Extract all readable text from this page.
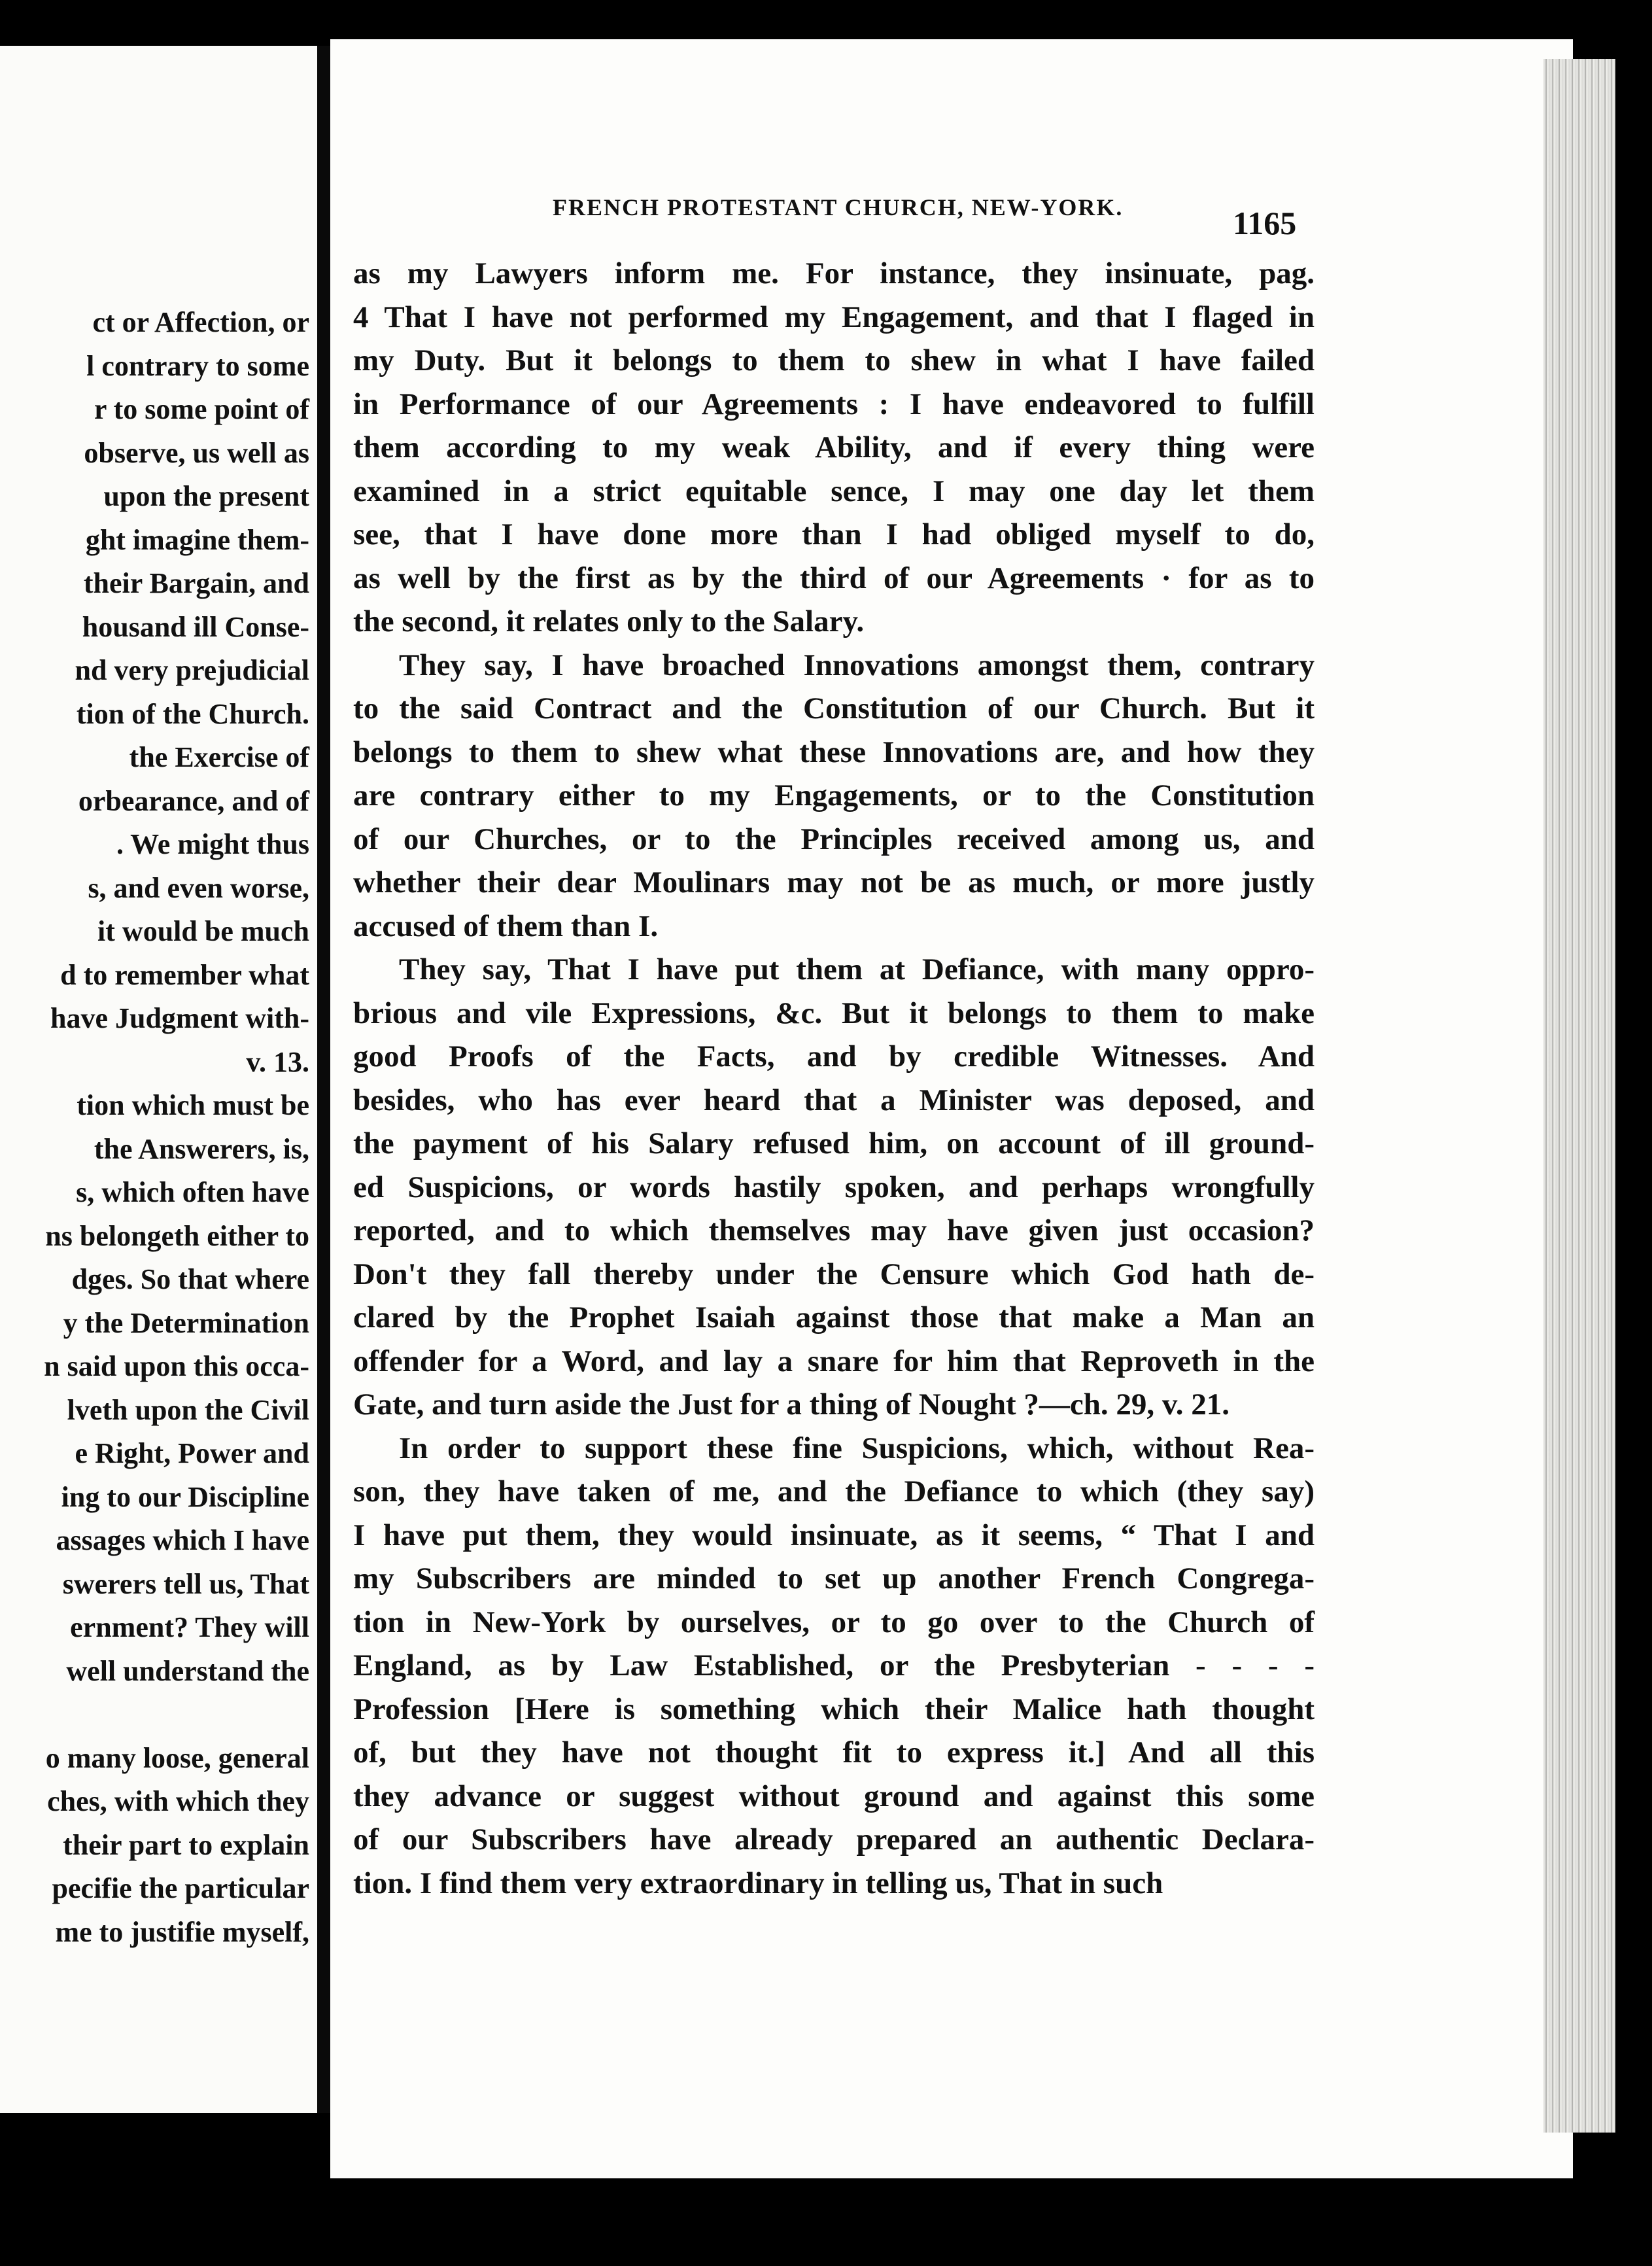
ct or Affection, or
l contrary to some
r to some point of
observe, us well as
upon the present
ght imagine them-
their Bargain, and
housand ill Conse-
nd very prejudicial
tion of the Church.
the Exercise of
orbearance, and of
. We might thus
s, and even worse,
it would be much
d to remember what
have Judgment with-
v. 13.
tion which must be
the Answerers, is,
s, which often have
ns belongeth either to
dges. So that where
y the Determination
n said upon this occa-
lveth upon the Civil
e Right, Power and
ing to our Discipline
assages which I have
swerers tell us, That
ernment? They will
well understand the

o many loose, general
ches, with which they
their part to explain
pecifie the particular
me to justifie myself,
FRENCH PROTESTANT CHURCH, NEW-YORK.	1165
as my Lawyers inform me. For instance, they insinuate, pag.
4 That I have not performed my Engagement, and that I flaged in
my Duty. But it belongs to them to shew in what I have failed
in Performance of our Agreements : I have endeavored to fulfill
them according to my weak Ability, and if every thing were
examined in a strict equitable sence, I may one day let them
see, that I have done more than I had obliged myself to do,
as well by the first as by the third of our Agreements · for as to
the second, it relates only to the Salary.
They say, I have broached Innovations amongst them, contrary
to the said Contract and the Constitution of our Church. But it
belongs to them to shew what these Innovations are, and how they
are contrary either to my Engagements, or to the Constitution
of our Churches, or to the Principles received among us, and
whether their dear Moulinars may not be as much, or more justly
accused of them than I.
They say, That I have put them at Defiance, with many oppro-
brious and vile Expressions, &c. But it belongs to them to make
good Proofs of the Facts, and by credible Witnesses. And
besides, who has ever heard that a Minister was deposed, and
the payment of his Salary refused him, on account of ill ground-
ed Suspicions, or words hastily spoken, and perhaps wrongfully
reported, and to which themselves may have given just occasion?
Don't they fall thereby under the Censure which God hath de-
clared by the Prophet Isaiah against those that make a Man an
offender for a Word, and lay a snare for him that Reproveth in the
Gate, and turn aside the Just for a thing of Nought ?—ch. 29, v. 21.
In order to support these fine Suspicions, which, without Rea-
son, they have taken of me, and the Defiance to which (they say)
I have put them, they would insinuate, as it seems, “ That I and
my Subscribers are minded to set up another French Congrega-
tion in New-York by ourselves, or to go over to the Church of
England, as by Law Established, or the Presbyterian - - - -
Profession [Here is something which their Malice hath thought
of, but they have not thought fit to express it.] And all this
they advance or suggest without ground and against this some
of our Subscribers have already prepared an authentic Declara-
tion. I find them very extraordinary in telling us, That in such
